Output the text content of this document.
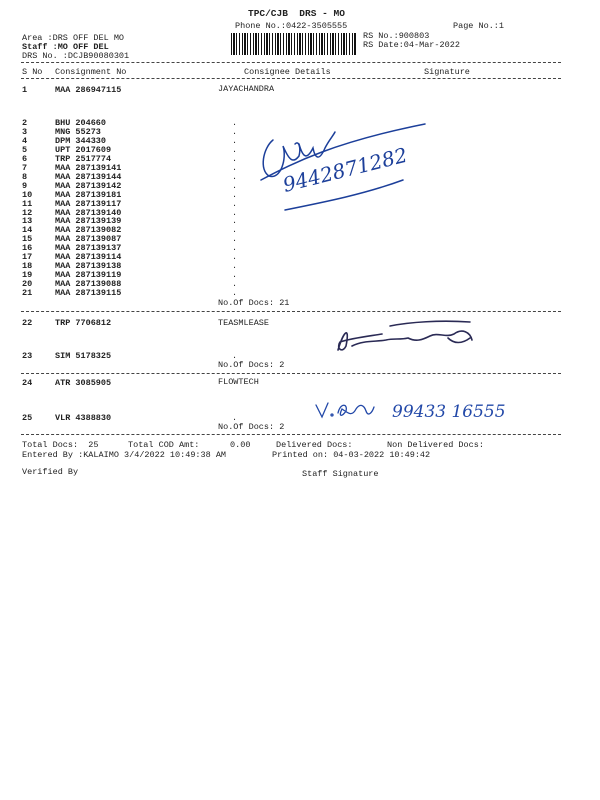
TPC/CJB  DRS - MO
Phone No.:0422-3505555	Page No.:1
Area :DRS OFF DEL MO
Staff :MO OFF DEL
DRS No. :DCJB90080301
RS No.:900803
RS Date:04-Mar-2022
S No Consignment No	Consignee Details	Signature
1	MAA 286947115	JAYACHANDRA
2	BHU 204660	.
3	MNG 55273	.
4	DPM 344330	.
5	UPT 2017609	.
6	TRP 2517774	.
7	MAA 287139141	.
8	MAA 287139144	.
9	MAA 287139142	.
10	MAA 287139181	.
11	MAA 287139117	.
12	MAA 287139140	.
13	MAA 287139139	.
14	MAA 287139082	.
15	MAA 287139087	.
16	MAA 287139137	.
17	MAA 287139114	.
18	MAA 287139138	.
19	MAA 287139119	.
20	MAA 287139088	.
21	MAA 287139115	.
No.Of Docs: 21
22	TRP 7706812	TEASMLEASE
23	SIM 5178325	.
No.Of Docs: 2
24	ATR 3085905	FLOWTECH
25	VLR 4388830	.
No.Of Docs: 2
Total Docs:  25	Total COD Amt:      0.00	Delivered Docs:	Non Delivered Docs:
Entered By :KALAIMO 3/4/2022 10:49:38 AM	Printed on: 04-03-2022 10:49:42
Verified By	Staff Signature
9442871282
99433 16555
